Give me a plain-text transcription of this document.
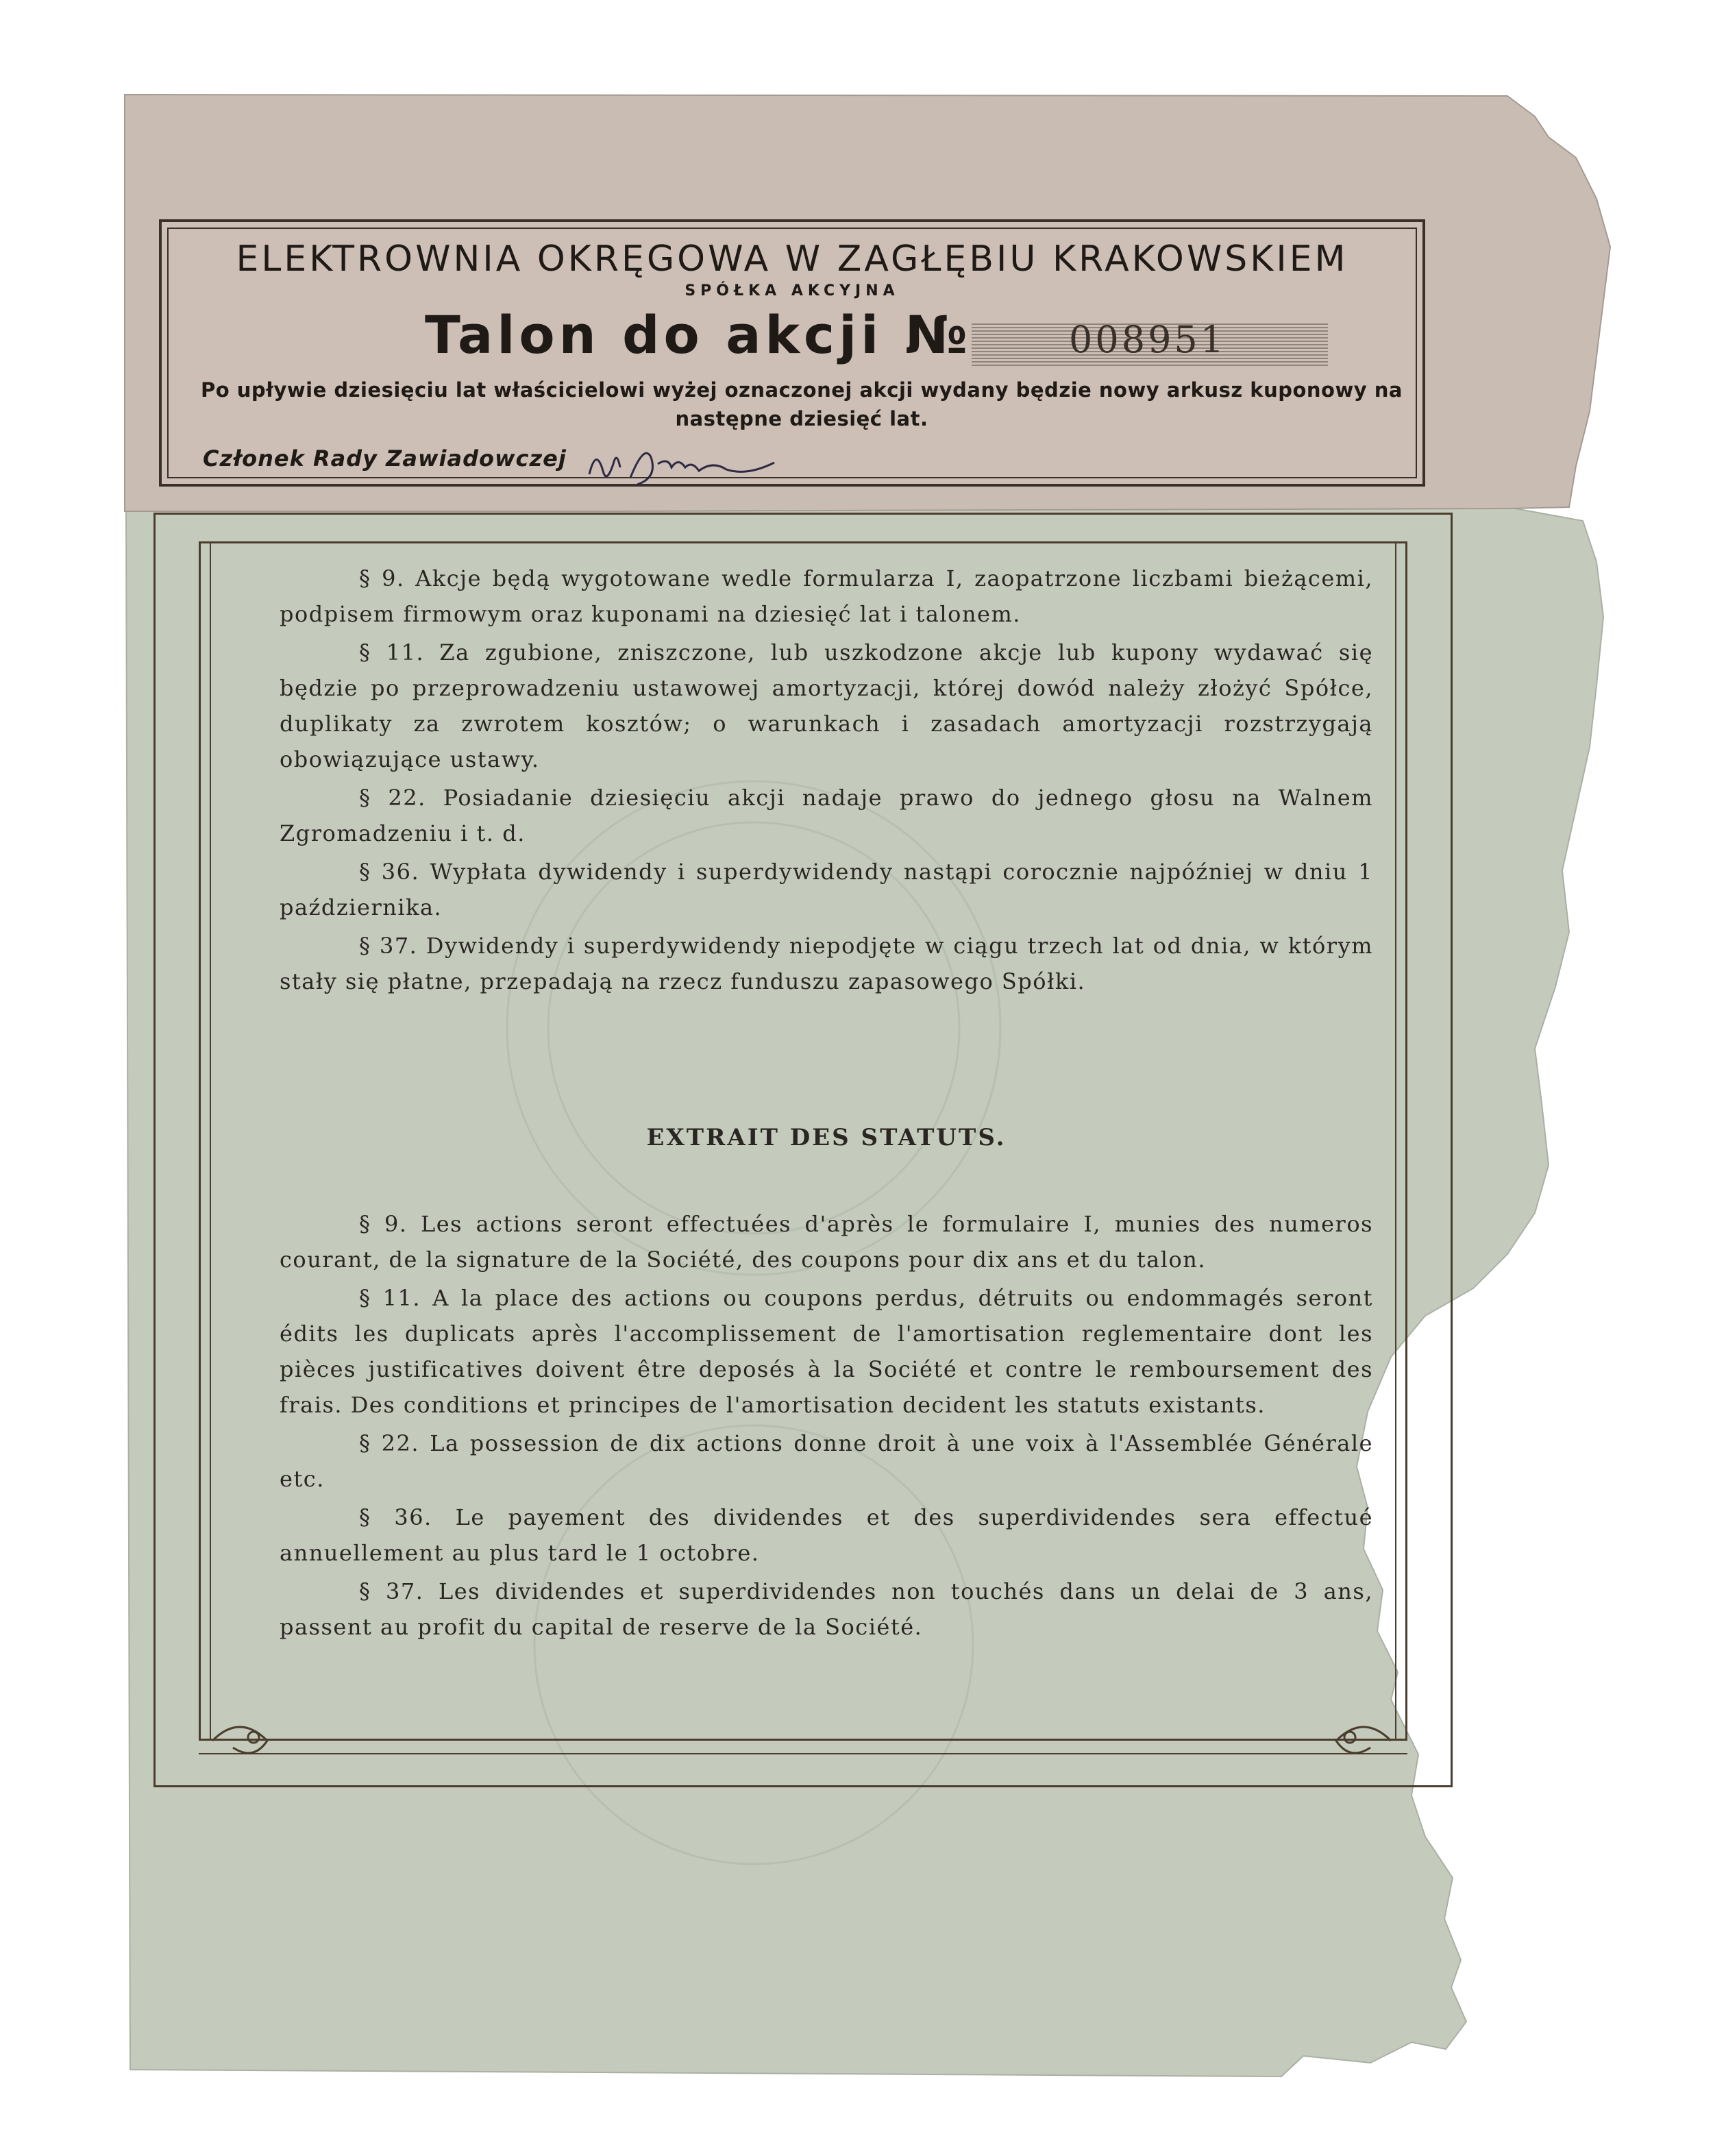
§ 9. Akcje będą wygotowane wedle formularza I, zaopatrzone liczbami bieżącemi, podpisem firmowym oraz kuponami na dziesięć lat i talonem.

§ 11. Za zgubione, zniszczone, lub uszkodzone akcje lub kupony wydawać się będzie po przeprowadzeniu ustawowej amortyzacji, której dowód należy złożyć Spółce, duplikaty za zwrotem kosztów; o warunkach i zasadach amortyzacji rozstrzygają obowiązujące ustawy.

§ 22. Posiadanie dziesięciu akcji nadaje prawo do jednego głosu na Walnem Zgromadzeniu i t. d.

§ 36. Wypłata dywidendy i superdywidendy nastąpi corocznie najpóźniej w dniu 1 października.

§ 37. Dywidendy i superdywidendy niepodjęte w ciągu trzech lat od dnia, w którym stały się płatne, przepadają na rzecz funduszu zapasowego Spółki.

EXTRAIT DES STATUTS.

§ 9. Les actions seront effectuées d'après le formulaire I, munies des numeros courant, de la signature de la Société, des coupons pour dix ans et du talon.

§ 11. A la place des actions ou coupons perdus, détruits ou endommagés seront édits les duplicats après l'accomplissement de l'amortisation reglementaire dont les pièces justificatives doivent être deposés à la Société et contre le remboursement des frais. Des conditions et principes de l'amortisation decident les statuts existants.

§ 22. La possession de dix actions donne droit à une voix à l'Assemblée Générale etc.

§ 36. Le payement des dividendes et des superdividendes sera effectué annuellement au plus tard le 1 octobre.

§ 37. Les dividendes et superdividendes non touchés dans un delai de 3 ans, passent au profit du capital de reserve de la Société.

ELEKTROWNIA OKRĘGOWA W ZAGŁĘBIU KRAKOWSKIEM
SPÓŁKA AKCYJNA
Talon do akcji №	008951
Po upływie dziesięciu lat właścicielowi wyżej oznaczonej akcji wydany będzie nowy arkusz kuponowy na następne dziesięć lat.
Członek Rady Zawiadowczej
